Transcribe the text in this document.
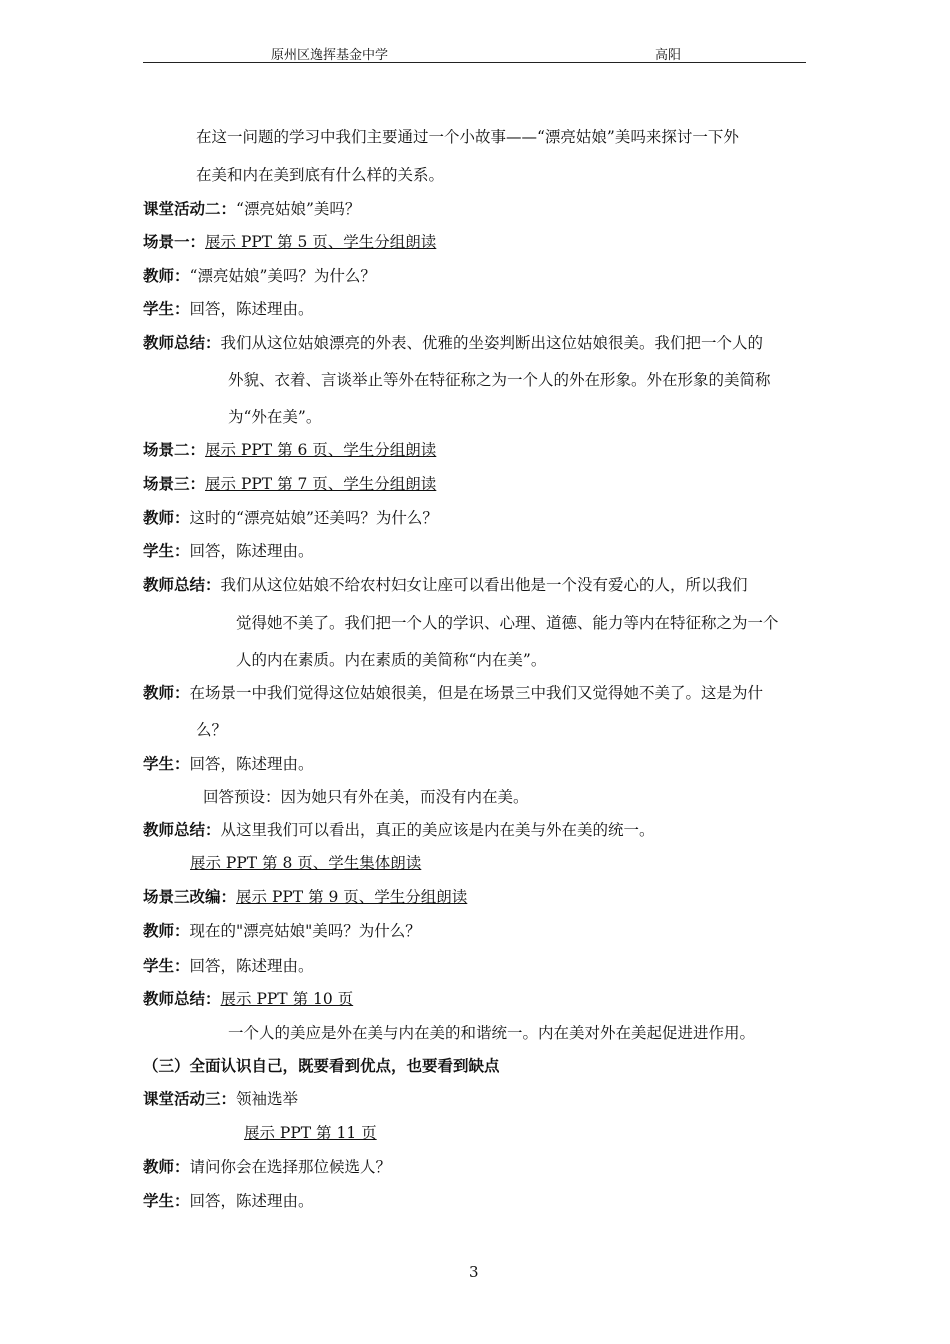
原州区逸挥基金中学	高阳
在这一问题的学习中我们主要通过一个小故事——“漂亮姑娘”美吗来探讨一下外
在美和内在美到底有什么样的关系。
课堂活动二：“漂亮姑娘”美吗？
场景一：展示 PPT 第 5 页、学生分组朗读
教师：“漂亮姑娘”美吗？为什么？
学生：回答，陈述理由。
教师总结：我们从这位姑娘漂亮的外表、优雅的坐姿判断出这位姑娘很美。我们把一个人的
外貌、衣着、言谈举止等外在特征称之为一个人的外在形象。外在形象的美简称
为“外在美”。
场景二：展示 PPT 第 6 页、学生分组朗读
场景三：展示 PPT 第 7 页、学生分组朗读
教师：这时的“漂亮姑娘”还美吗？为什么？
学生：回答，陈述理由。
教师总结：我们从这位姑娘不给农村妇女让座可以看出他是一个没有爱心的人，所以我们
觉得她不美了。我们把一个人的学识、心理、道德、能力等内在特征称之为一个
人的内在素质。内在素质的美简称“内在美”。
教师：在场景一中我们觉得这位姑娘很美，但是在场景三中我们又觉得她不美了。这是为什
么？
学生：回答，陈述理由。
回答预设：因为她只有外在美，而没有内在美。
教师总结：从这里我们可以看出，真正的美应该是内在美与外在美的统一。
展示 PPT 第 8 页、学生集体朗读
场景三改编：展示 PPT 第 9 页、学生分组朗读
教师：现在的"漂亮姑娘"美吗？为什么？
学生：回答，陈述理由。
教师总结：展示 PPT 第 10 页
一个人的美应是外在美与内在美的和谐统一。内在美对外在美起促进进作用。
（三）全面认识自己，既要看到优点，也要看到缺点
课堂活动三：领袖选举
展示 PPT 第 11 页
教师：请问你会在选择那位候选人？
学生：回答，陈述理由。
3
